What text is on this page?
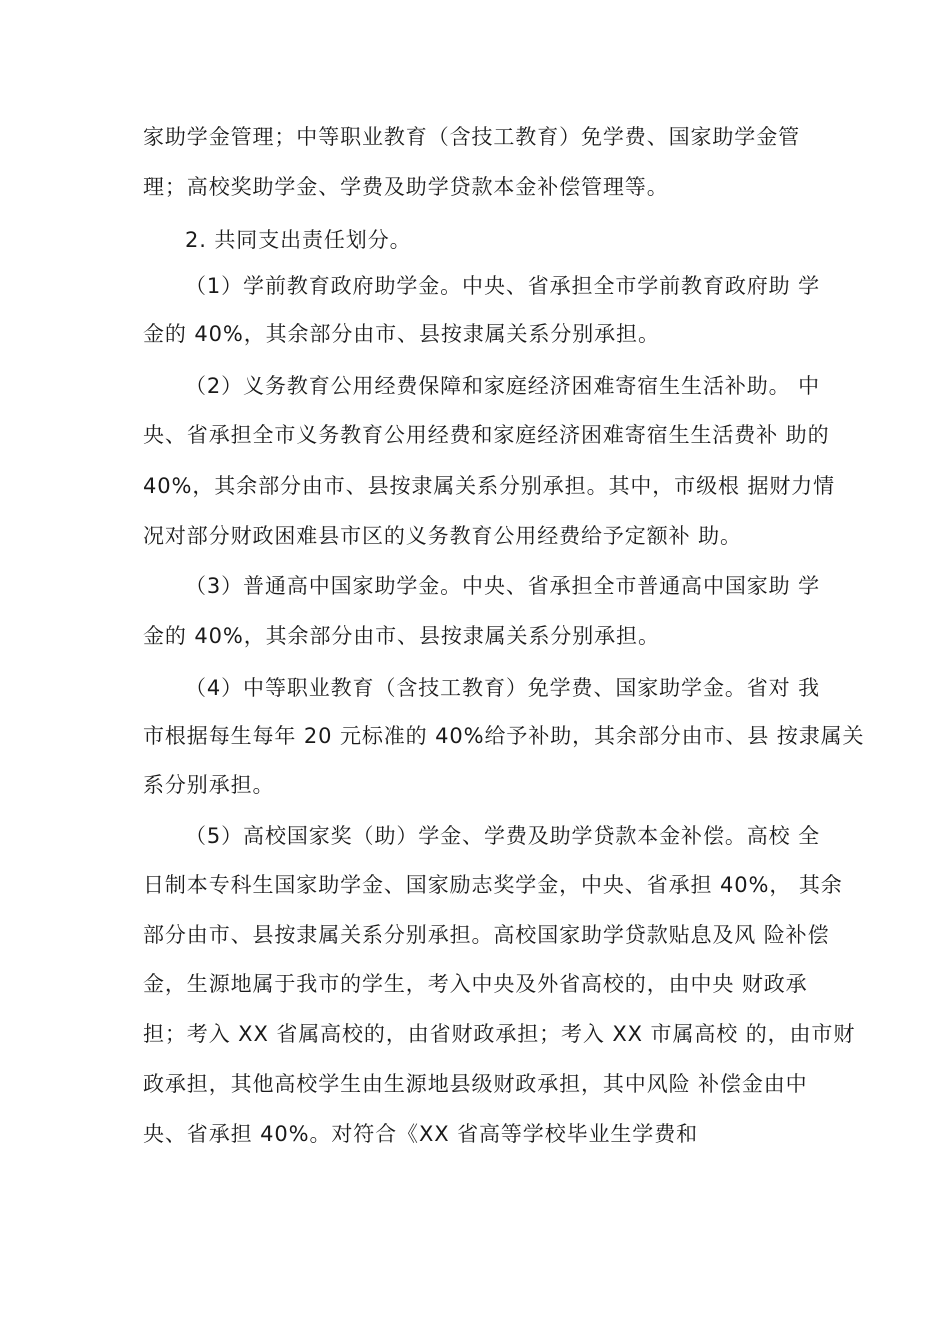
家助学金管理；中等职业教育（含技工教育）免学费、国家助学金管
理；高校奖助学金、学费及助学贷款本金补偿管理等。
2. 共同支出责任划分。
（1）学前教育政府助学金。中央、省承担全市学前教育政府助 学
金的 40%，其余部分由市、县按隶属关系分别承担。
（2）义务教育公用经费保障和家庭经济困难寄宿生生活补助。 中
央、省承担全市义务教育公用经费和家庭经济困难寄宿生生活费补 助的
40%，其余部分由市、县按隶属关系分别承担。其中，市级根 据财力情
况对部分财政困难县市区的义务教育公用经费给予定额补 助。
（3）普通高中国家助学金。中央、省承担全市普通高中国家助 学
金的 40%，其余部分由市、县按隶属关系分别承担。
（4）中等职业教育（含技工教育）免学费、国家助学金。省对 我
市根据每生每年 20 元标准的 40%给予补助，其余部分由市、县 按隶属关
系分别承担。
（5）高校国家奖（助）学金、学费及助学贷款本金补偿。高校 全
日制本专科生国家助学金、国家励志奖学金，中央、省承担 40%， 其余
部分由市、县按隶属关系分别承担。高校国家助学贷款贴息及风 险补偿
金，生源地属于我市的学生，考入中央及外省高校的，由中央 财政承
担；考入 XX 省属高校的，由省财政承担；考入 XX 市属高校 的，由市财
政承担，其他高校学生由生源地县级财政承担，其中风险 补偿金由中
央、省承担 40%。对符合《XX 省高等学校毕业生学费和
